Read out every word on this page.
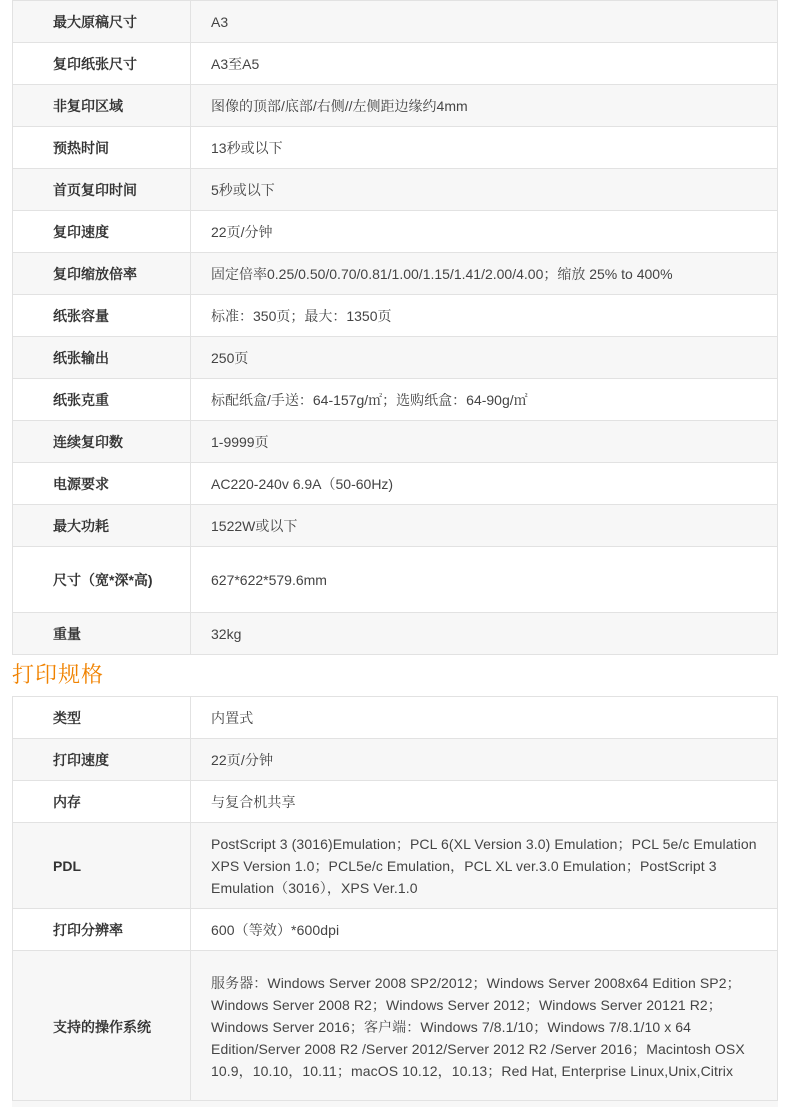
最大原稿尺寸	A3
复印纸张尺寸	A3至A5
非复印区域	图像的顶部/底部/右侧//左侧距边缘约4mm
预热时间	13秒或以下
首页复印时间	5秒或以下
复印速度	22页/分钟
复印缩放倍率	固定倍率0.25/0.50/0.70/0.81/1.00/1.15/1.41/2.00/4.00；缩放 25% to 400%
纸张容量	标准：350页；最大：1350页
纸张输出	250页
纸张克重	标配纸盒/手送：64-157g/㎡；选购纸盒：64-90g/㎡
连续复印数	1-9999页
电源要求	AC220-240v 6.9A（50-60Hz)
最大功耗	1522W或以下
尺寸（宽*深*高)	627*622*579.6mm
重量	32kg
打印规格
类型	内置式
打印速度	22页/分钟
内存	与复合机共享
PDL	PostScript 3 (3016)Emulation；PCL 6(XL Version 3.0) Emulation；PCL 5e/c Emulation XPS Version 1.0；PCL5e/c Emulation，PCL XL ver.3.0 Emulation；PostScript 3 Emulation（3016），XPS Ver.1.0
打印分辨率	600（等效）*600dpi
支持的操作系统	服务器：Windows Server 2008 SP2/2012；Windows Server 2008x64 Edition SP2；Windows Server 2008 R2；Windows Server 2012；Windows Server 20121 R2；Windows Server 2016；客户端：Windows 7/8.1/10；Windows 7/8.1/10 x 64 Edition/Server 2008 R2 /Server 2012/Server 2012 R2 /Server 2016；Macintosh OSX 10.9，10.10，10.11；macOS 10.12，10.13；Red Hat, Enterprise Linux,Unix,Citrix
